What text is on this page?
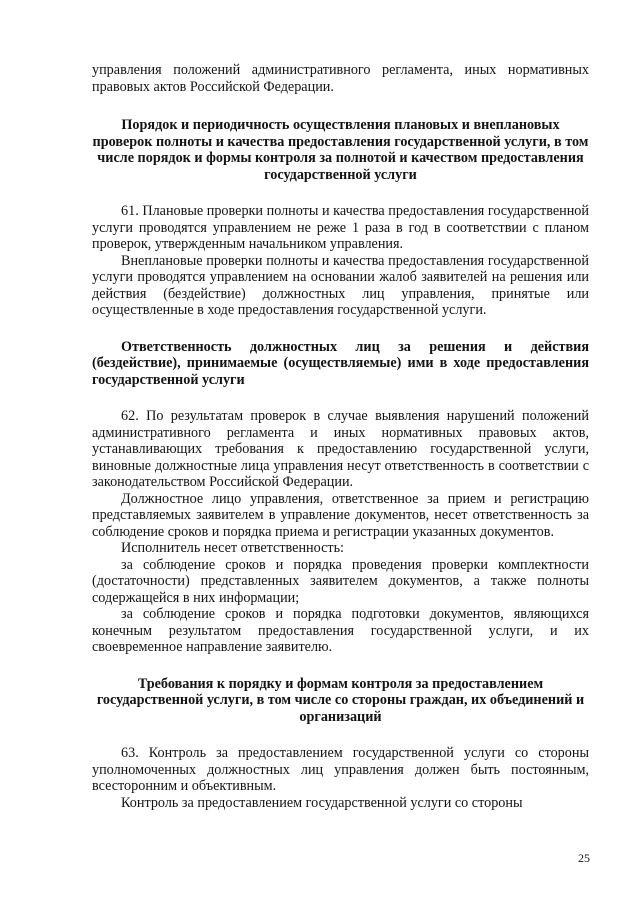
управления положений административного регламента, иных нормативных правовых актов Российской Федерации.

Порядок и периодичность осуществления плановых и внеплановых проверок полноты и качества предоставления государственной услуги, в том числе порядок и формы контроля за полнотой и качеством предоставления государственной услуги

61. Плановые проверки полноты и качества предоставления государственной услуги проводятся управлением не реже 1 раза в год в соответствии с планом проверок, утвержденным начальником управления.

Внеплановые проверки полноты и качества предоставления государственной услуги проводятся управлением на основании жалоб заявителей на решения или действия (бездействие) должностных лиц управления, принятые или осуществленные в ходе предоставления государственной услуги.

Ответственность должностных лиц за решения и действия (бездействие), принимаемые (осуществляемые) ими в ходе предоставления государственной услуги

62. По результатам проверок в случае выявления нарушений положений административного регламента и иных нормативных правовых актов, устанавливающих требования к предоставлению государственной услуги, виновные должностные лица управления несут ответственность в соответствии с законодательством Российской Федерации.

Должностное лицо управления, ответственное за прием и регистрацию представляемых заявителем в управление документов, несет ответственность за соблюдение сроков и порядка приема и регистрации указанных документов.

Исполнитель несет ответственность:

за соблюдение сроков и порядка проведения проверки комплектности (достаточности) представленных заявителем документов, а также полноты содержащейся в них информации;

за соблюдение сроков и порядка подготовки документов, являющихся конечным результатом предоставления государственной услуги, и их своевременное направление заявителю.

Требования к порядку и формам контроля за предоставлением государственной услуги, в том числе со стороны граждан, их объединений и организаций

63. Контроль за предоставлением государственной услуги со стороны уполномоченных должностных лиц управления должен быть постоянным, всесторонним и объективным.

Контроль за предоставлением государственной услуги со стороны

25
